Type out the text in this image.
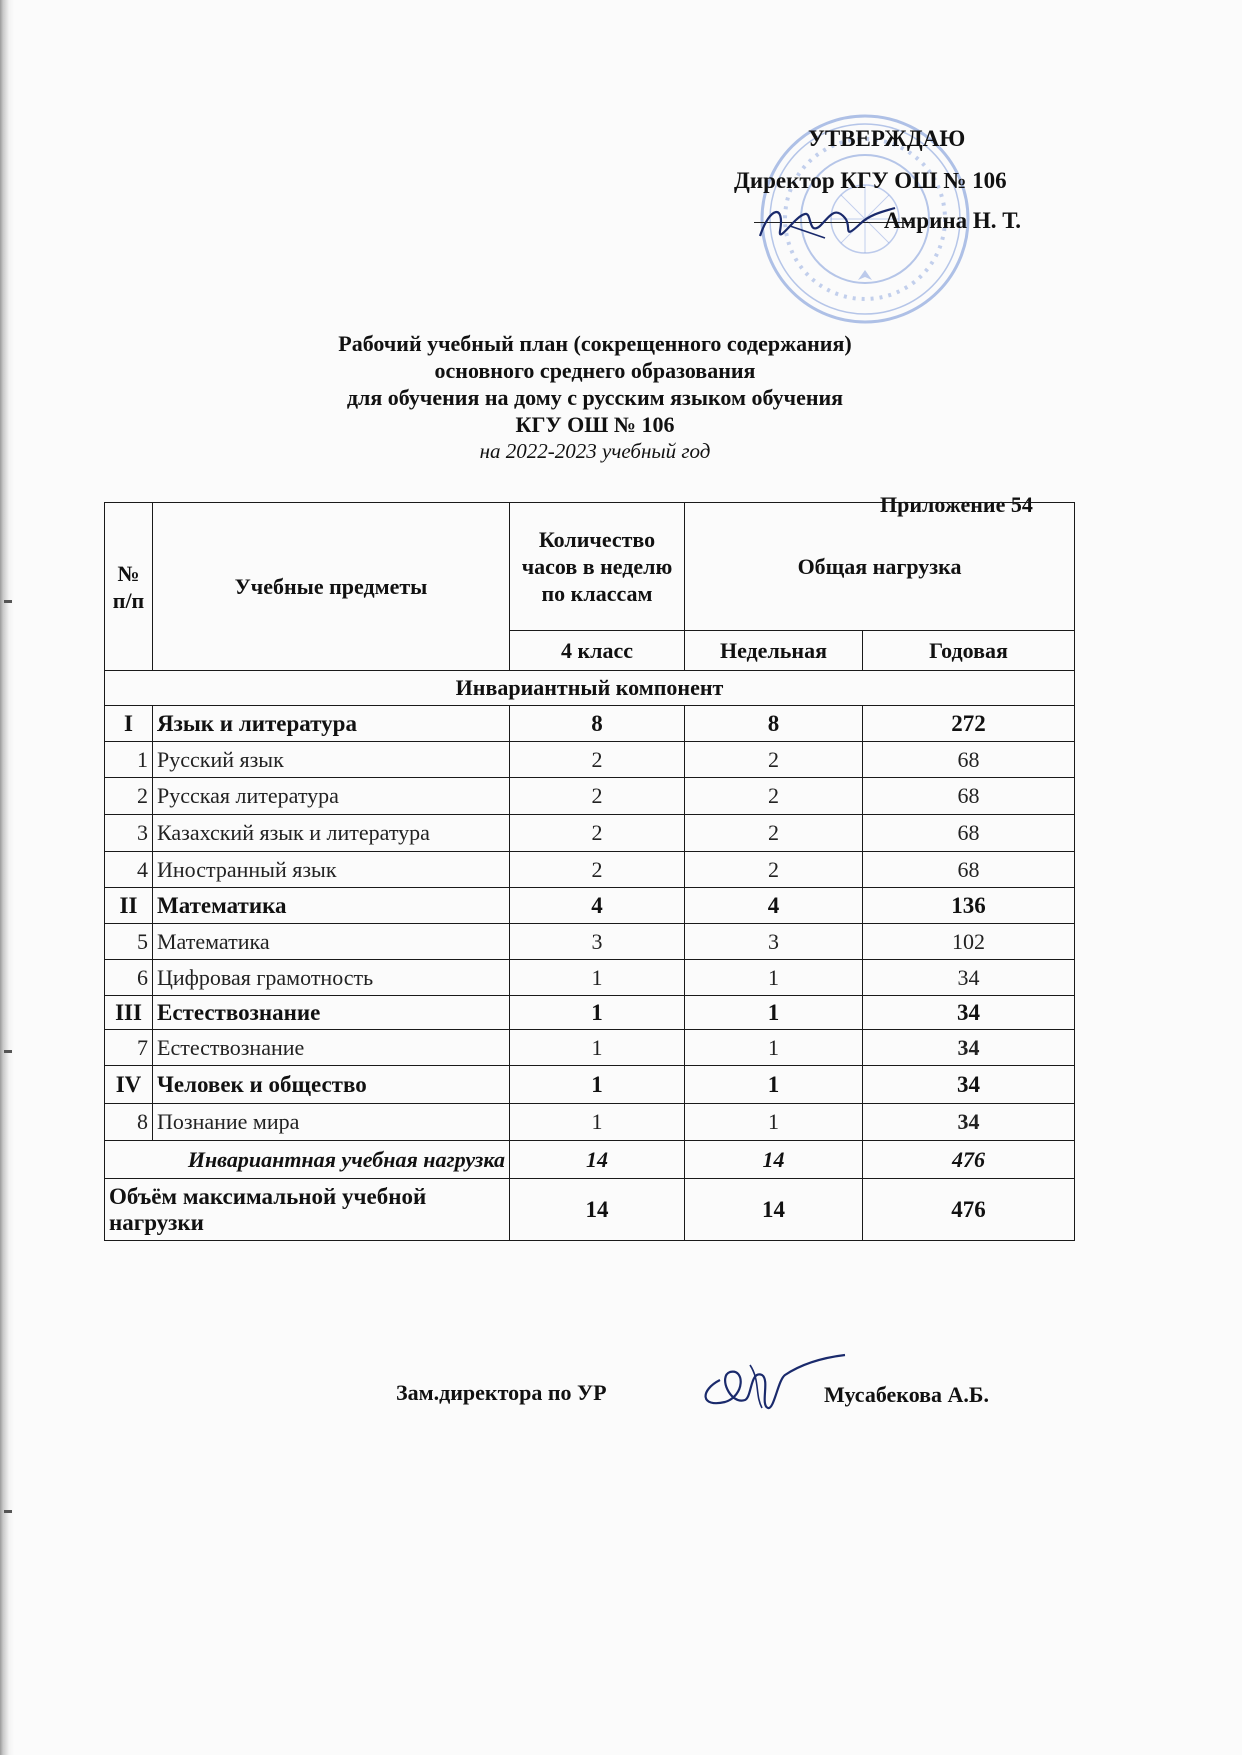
УТВЕРЖДАЮ
Директор КГУ ОШ № 106
Амрина Н. Т.
Рабочий учебный план (сокрещенного содержания)
основного среднего образования
для обучения на дому с русским языком обучения
КГУ ОШ № 106
на 2022-2023 учебный год
Приложение 54
№ п/п	Учебные предметы	Количество часов в неделю по классам	Общая нагрузка	
		4 класс	Недельная	Годовая
Инвариантный компонент				
I	Язык и литература	8	8	272
1	Русский язык	2	2	68
2	Русская литература	2	2	68
3	Казахский язык и литература	2	2	68
4	Иностранный язык	2	2	68
II	Математика	4	4	136
5	Математика	3	3	102
6	Цифровая грамотность	1	1	34
III	Естествознание	1	1	34
7	Естествознание	1	1	34
IV	Человек и общество	1	1	34
8	Познание мира	1	1	34
Инвариантная учебная нагрузка		14	14	476
Объём максимальной учебной нагрузки		14	14	476
Зам.директора по УР	Мусабекова А.Б.
